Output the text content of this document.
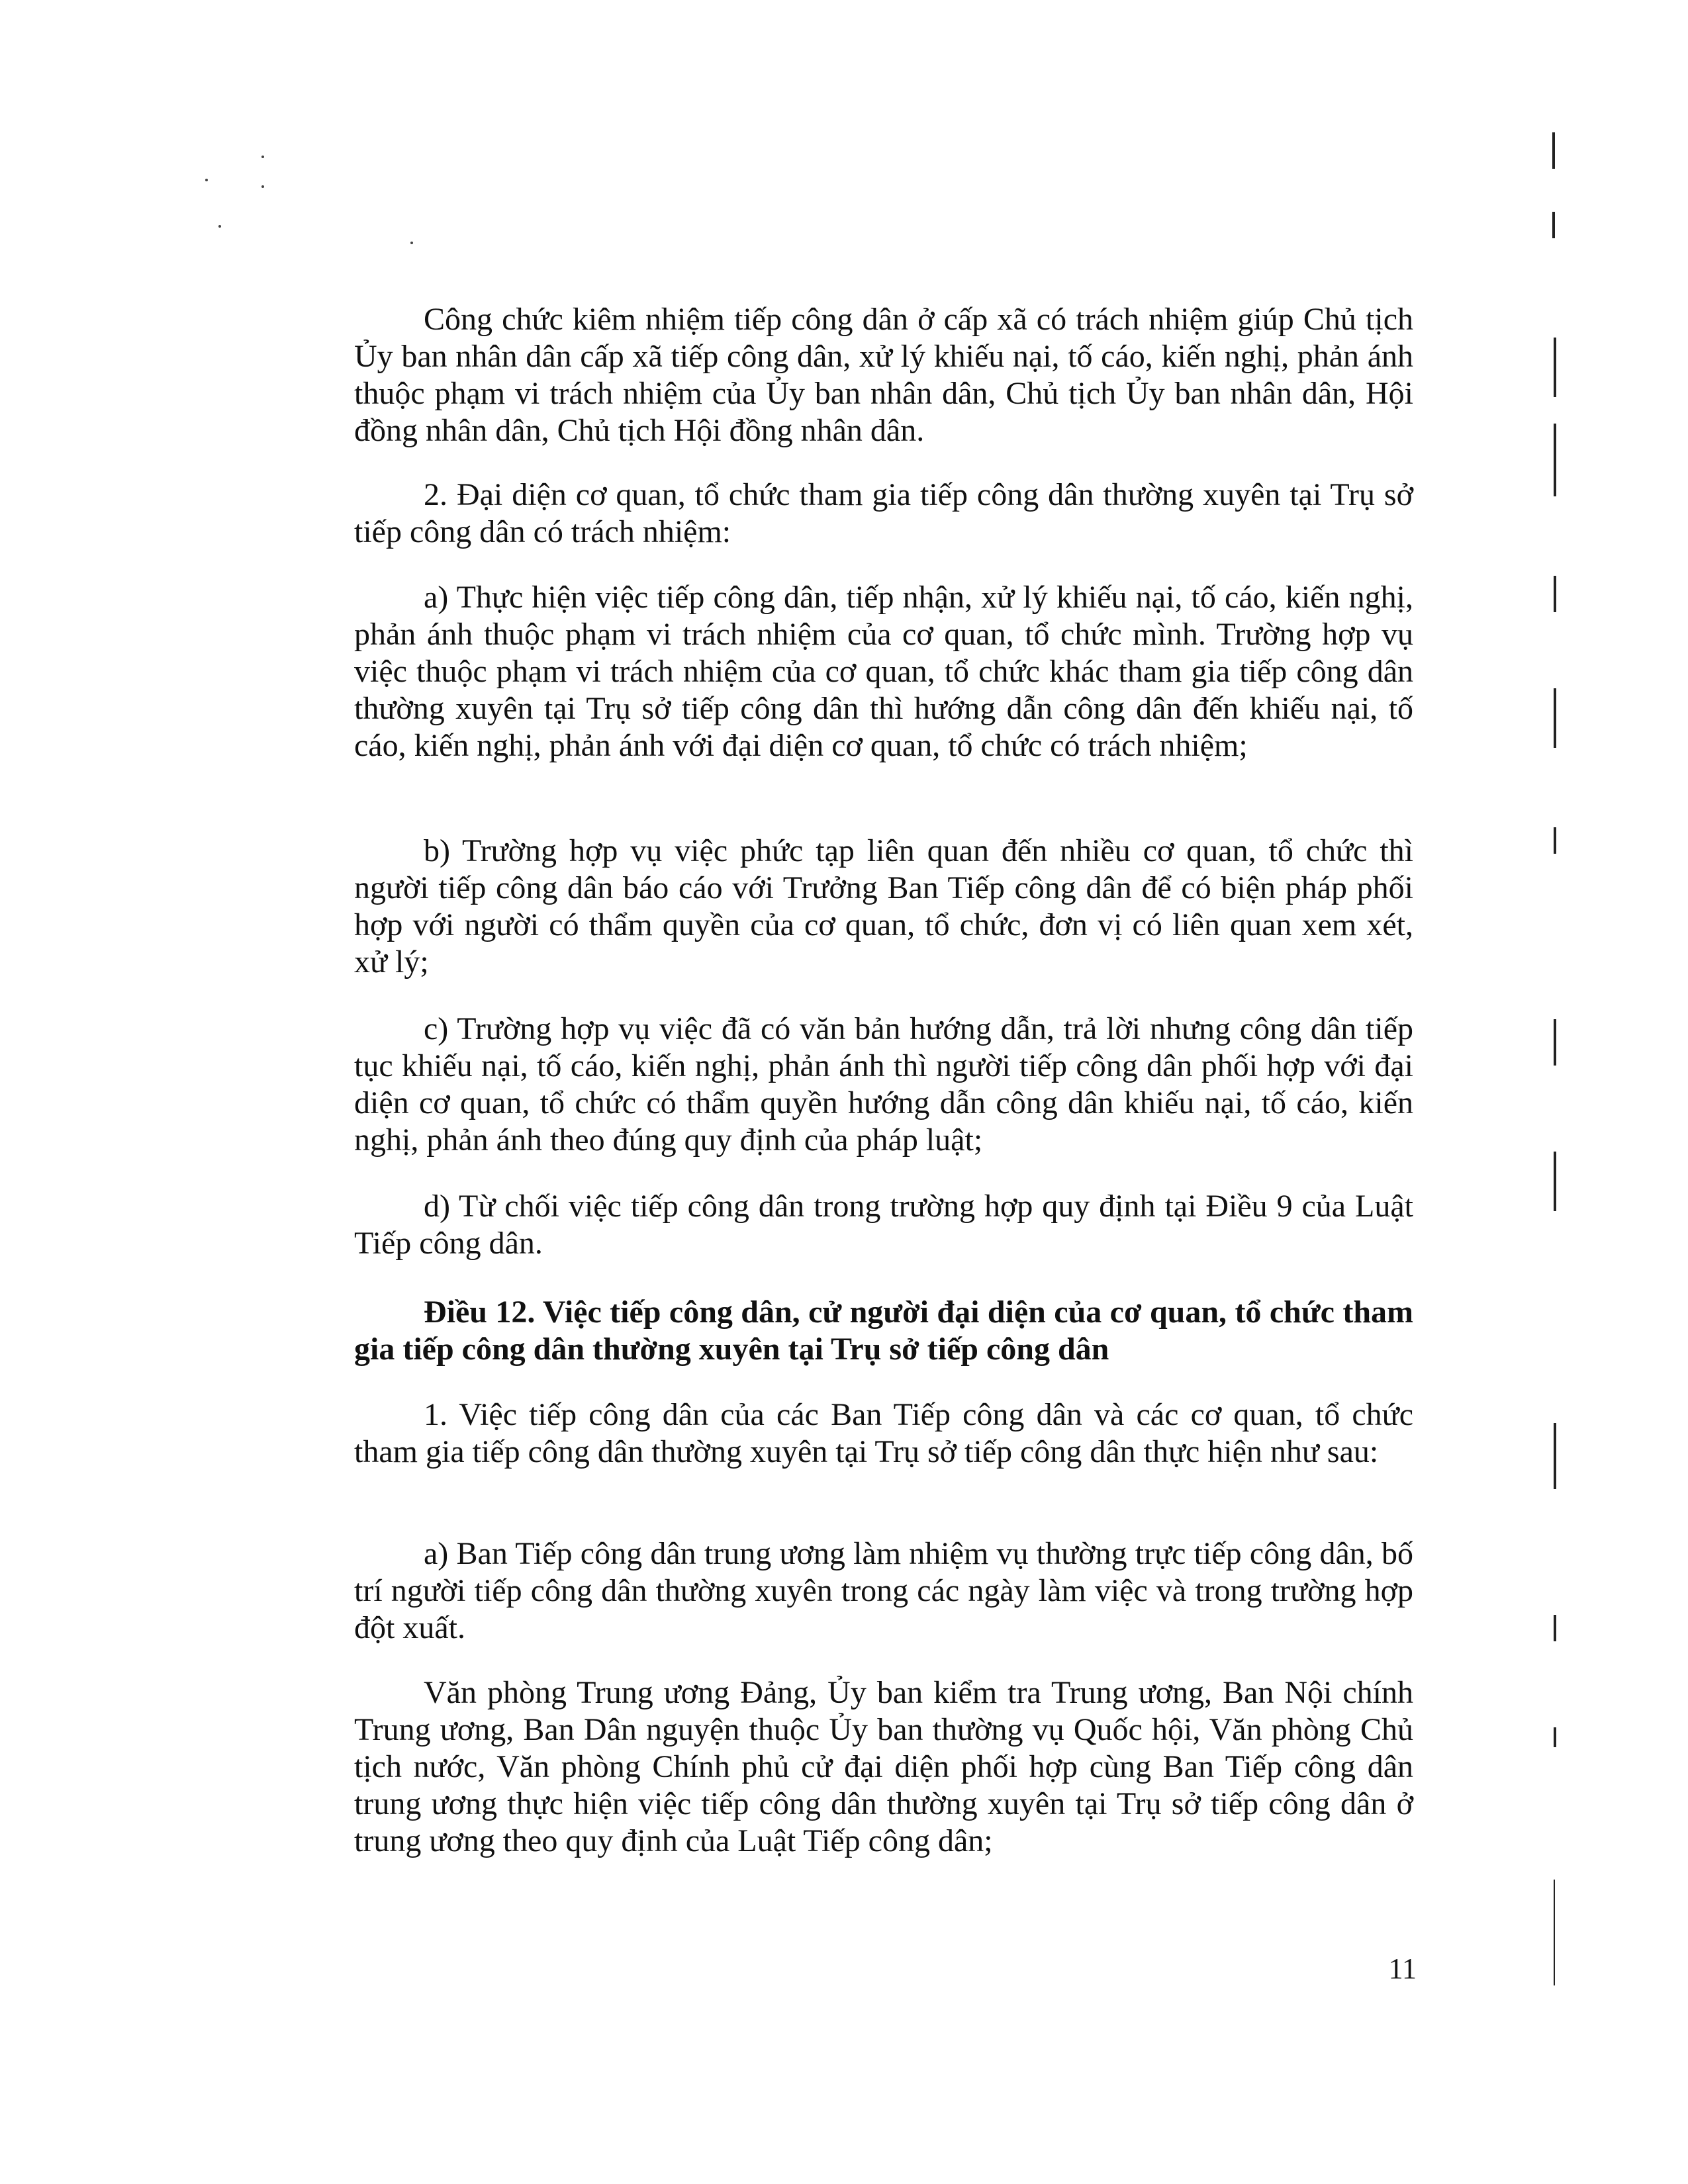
Công chức kiêm nhiệm tiếp công dân ở cấp xã có trách nhiệm giúp Chủ tịch Ủy ban nhân dân cấp xã tiếp công dân, xử lý khiếu nại, tố cáo, kiến nghị, phản ánh thuộc phạm vi trách nhiệm của Ủy ban nhân dân, Chủ tịch Ủy ban nhân dân, Hội đồng nhân dân, Chủ tịch Hội đồng nhân dân.

2. Đại diện cơ quan, tổ chức tham gia tiếp công dân thường xuyên tại Trụ sở tiếp công dân có trách nhiệm:

a) Thực hiện việc tiếp công dân, tiếp nhận, xử lý khiếu nại, tố cáo, kiến nghị, phản ánh thuộc phạm vi trách nhiệm của cơ quan, tổ chức mình. Trường hợp vụ việc thuộc phạm vi trách nhiệm của cơ quan, tổ chức khác tham gia tiếp công dân thường xuyên tại Trụ sở tiếp công dân thì hướng dẫn công dân đến khiếu nại, tố cáo, kiến nghị, phản ánh với đại diện cơ quan, tổ chức có trách nhiệm;

b) Trường hợp vụ việc phức tạp liên quan đến nhiều cơ quan, tổ chức thì người tiếp công dân báo cáo với Trưởng Ban Tiếp công dân để có biện pháp phối hợp với người có thẩm quyền của cơ quan, tổ chức, đơn vị có liên quan xem xét, xử lý;

c) Trường hợp vụ việc đã có văn bản hướng dẫn, trả lời nhưng công dân tiếp tục khiếu nại, tố cáo, kiến nghị, phản ánh thì người tiếp công dân phối hợp với đại diện cơ quan, tổ chức có thẩm quyền hướng dẫn công dân khiếu nại, tố cáo, kiến nghị, phản ánh theo đúng quy định của pháp luật;

d) Từ chối việc tiếp công dân trong trường hợp quy định tại Điều 9 của Luật Tiếp công dân.

Điều 12. Việc tiếp công dân, cử người đại diện của cơ quan, tổ chức tham gia tiếp công dân thường xuyên tại Trụ sở tiếp công dân

1. Việc tiếp công dân của các Ban Tiếp công dân và các cơ quan, tổ chức tham gia tiếp công dân thường xuyên tại Trụ sở tiếp công dân thực hiện như sau:

a) Ban Tiếp công dân trung ương làm nhiệm vụ thường trực tiếp công dân, bố trí người tiếp công dân thường xuyên trong các ngày làm việc và trong trường hợp đột xuất.

Văn phòng Trung ương Đảng, Ủy ban kiểm tra Trung ương, Ban Nội chính Trung ương, Ban Dân nguyện thuộc Ủy ban thường vụ Quốc hội, Văn phòng Chủ tịch nước, Văn phòng Chính phủ cử đại diện phối hợp cùng Ban Tiếp công dân trung ương thực hiện việc tiếp công dân thường xuyên tại Trụ sở tiếp công dân ở trung ương theo quy định của Luật Tiếp công dân;

11
